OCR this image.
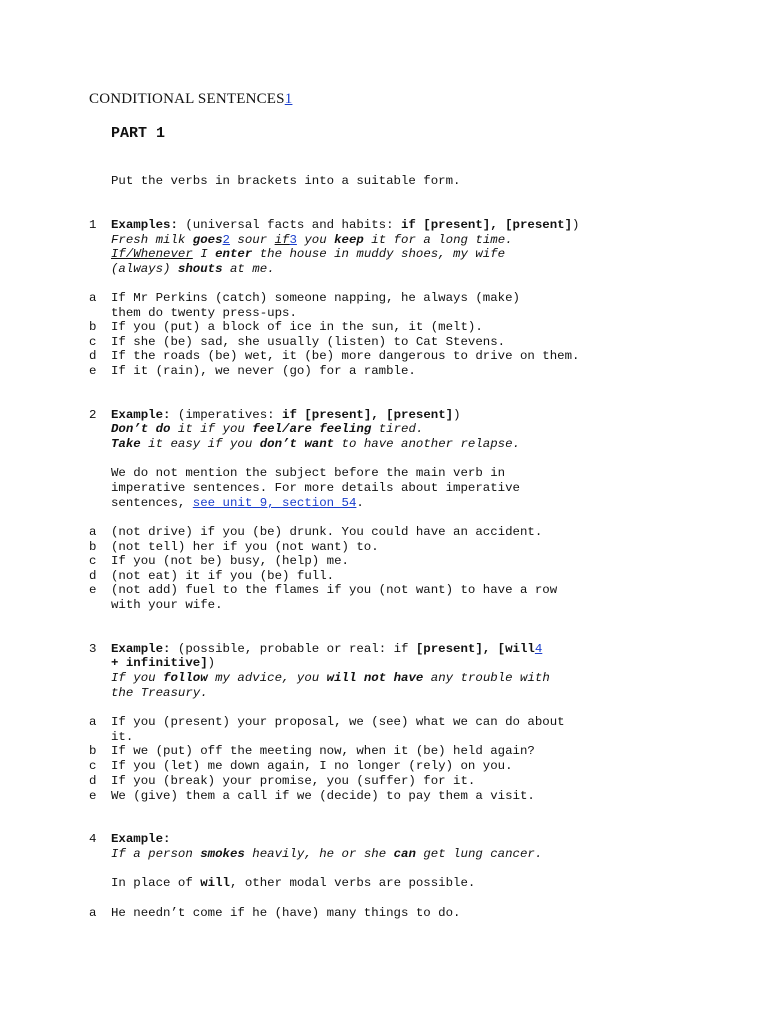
CONDITIONAL SENTENCES1
PART 1
Put the verbs in brackets into a suitable form.
1 Examples: (universal facts and habits: if [present], [present])
Fresh milk goes2 sour if3 you keep it for a long time.
If/Whenever I enter the house in muddy shoes, my wife
(always) shouts at me.
a If Mr Perkins (catch) someone napping, he always (make)
them do twenty press-ups.
b If you (put) a block of ice in the sun, it (melt).
c If she (be) sad, she usually (listen) to Cat Stevens.
d If the roads (be) wet, it (be) more dangerous to drive on them.
e If it (rain), we never (go) for a ramble.
2 Example: (imperatives: if [present], [present])
Don’t do it if you feel/are feeling tired.
Take it easy if you don’t want to have another relapse.
We do not mention the subject before the main verb in
imperative sentences. For more details about imperative
sentences, see unit 9, section 54.
a (not drive) if you (be) drunk. You could have an accident.
b (not tell) her if you (not want) to.
c If you (not be) busy, (help) me.
d (not eat) it if you (be) full.
e (not add) fuel to the flames if you (not want) to have a row
with your wife.
3 Example: (possible, probable or real: if [present], [will4
+ infinitive])
If you follow my advice, you will not have any trouble with
the Treasury.
a If you (present) your proposal, we (see) what we can do about
it.
b If we (put) off the meeting now, when it (be) held again?
c If you (let) me down again, I no longer (rely) on you.
d If you (break) your promise, you (suffer) for it.
e We (give) them a call if we (decide) to pay them a visit.
4 Example:
If a person smokes heavily, he or she can get lung cancer.
In place of will, other modal verbs are possible.
a He needn’t come if he (have) many things to do.
